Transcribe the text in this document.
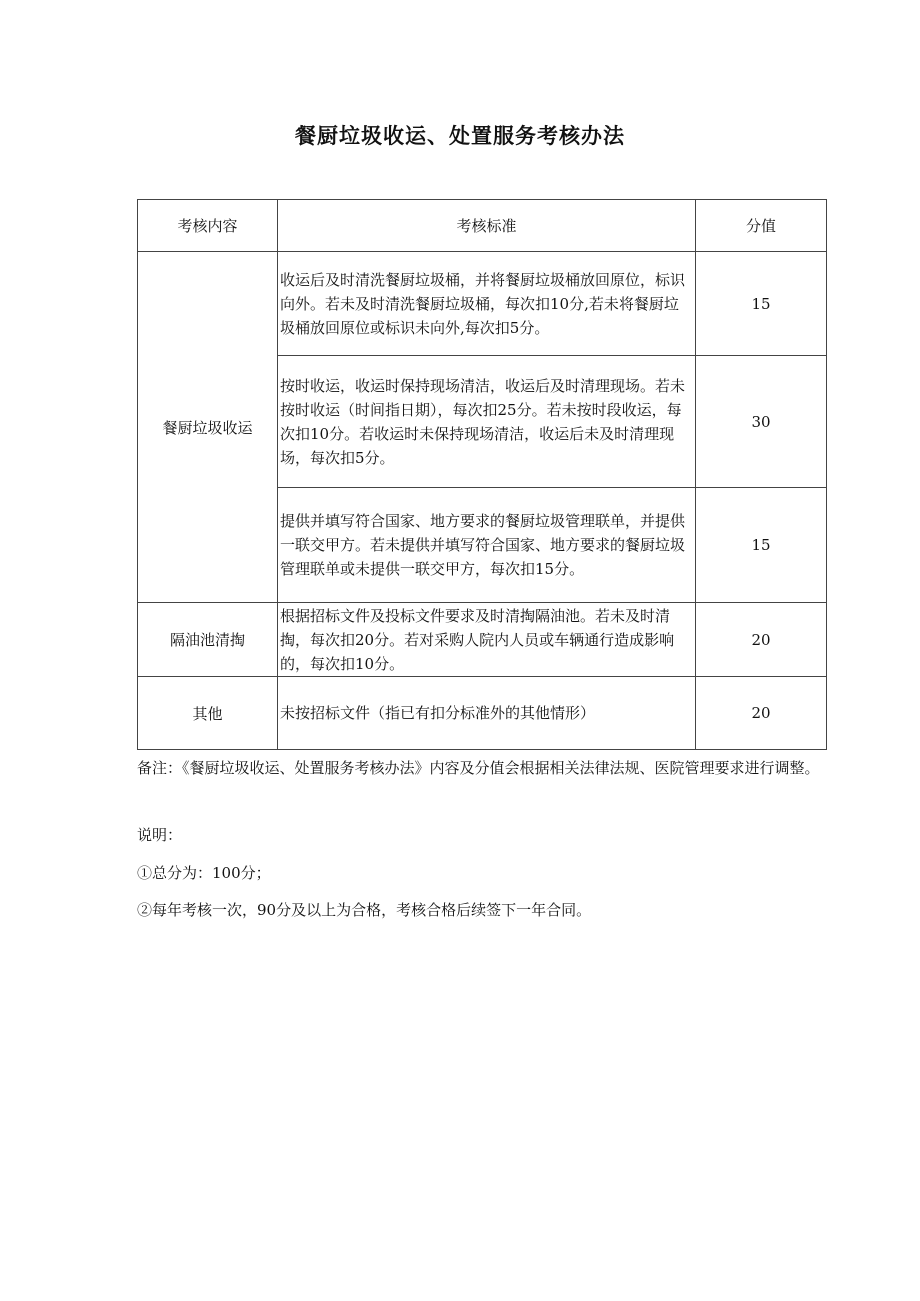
餐厨垃圾收运、处置服务考核办法
考核内容	考核标准	分值
餐厨垃圾收运	收运后及时清洗餐厨垃圾桶，并将餐厨垃圾桶放回原位，标识向外。若未及时清洗餐厨垃圾桶，每次扣10分,若未将餐厨垃圾桶放回原位或标识未向外,每次扣5分。	15
	按时收运，收运时保持现场清洁，收运后及时清理现场。若未按时收运（时间指日期），每次扣25分。若未按时段收运，每次扣10分。若收运时未保持现场清洁，收运后未及时清理现场，每次扣5分。	30
	提供并填写符合国家、地方要求的餐厨垃圾管理联单，并提供一联交甲方。若未提供并填写符合国家、地方要求的餐厨垃圾管理联单或未提供一联交甲方，每次扣15分。	15
隔油池清掏	根据招标文件及投标文件要求及时清掏隔油池。若未及时清掏，每次扣20分。若对采购人院内人员或车辆通行造成影响的，每次扣10分。	20
其他	未按招标文件（指已有扣分标准外的其他情形）	20
备注：《餐厨垃圾收运、处置服务考核办法》内容及分值会根据相关法律法规、医院管理要求进行调整。
说明：
①总分为：100分；
②每年考核一次，90分及以上为合格，考核合格后续签下一年合同。
